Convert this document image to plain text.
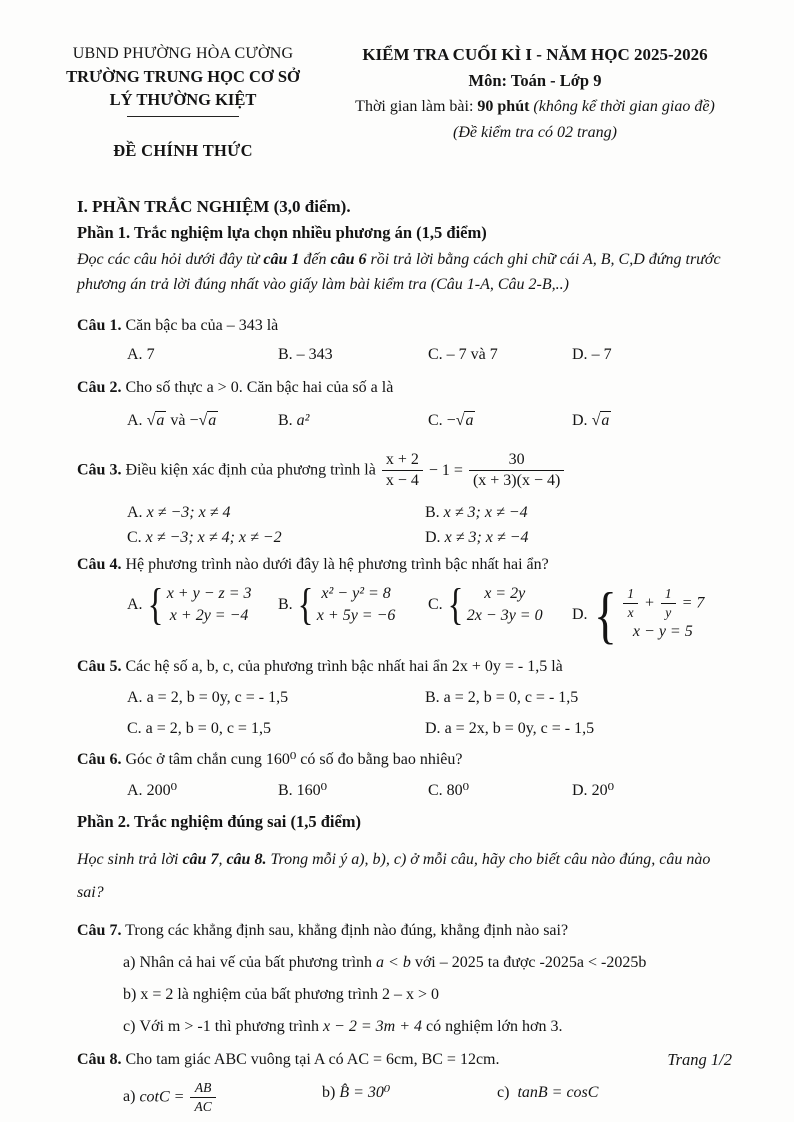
UBND PHƯỜNG HÒA CƯỜNG
TRƯỜNG TRUNG HỌC CƠ SỞ
LÝ THƯỜNG KIỆT
ĐỀ CHÍNH THỨC
KIỂM TRA CUỐI KÌ I - NĂM HỌC 2025-2026
Môn: Toán - Lớp 9
Thời gian làm bài: 90 phút (không kể thời gian giao đề)
(Đề kiểm tra có 02 trang)

I. PHẦN TRẮC NGHIỆM (3,0 điểm).

Phần 1. Trắc nghiệm lựa chọn nhiều phương án (1,5 điểm)

Đọc các câu hỏi dưới đây từ câu 1 đến câu 6 rồi trả lời bằng cách ghi chữ cái A, B, C,D đứng trước phương án trả lời đúng nhất vào giấy làm bài kiểm tra (Câu 1-A, Câu 2-B,..)

Câu 1. Căn bậc ba của – 343 là

A. 7	B. – 343	C. – 7 và 7	D. – 7

Câu 2. Cho số thực a > 0. Căn bậc hai của số a là

A. √a và −√a	B. a²	C. −√a	D. √a

Câu 3. Điều kiện xác định của phương trình là $\frac{x + 2}{x - 4} - 1 = \frac{30}{(x + 3)(x - 4)}$

A. x ≠ −3; x ≠ 4	B. x ≠ 3; x ≠ −4
C. x ≠ −3; x ≠ 4; x ≠ −2	D. x ≠ 3; x ≠ −4

Câu 4. Hệ phương trình nào dưới đây là hệ phương trình bậc nhất hai ẩn?

A. { x + y − z = 3
x + 2y = −4
B. { x² − y² = 8
x + 5y = −6
C. {	x = 2y
2x − 3y = 0 D. { $\frac{1}{x} + \frac{1}{y} = 7$
x − y = 5

Câu 5. Các hệ số a, b, c, của phương trình bậc nhất hai ẩn 2x + 0y = - 1,5 là

A. a = 2, b = 0y, c = - 1,5	B. a = 2, b = 0, c = - 1,5
C. a = 2, b = 0, c = 1,5	D. a = 2x, b = 0y, c = - 1,5

Câu 6. Góc ở tâm chắn cung 160⁰ có số đo bằng bao nhiêu?

A. 200⁰	B. 160⁰	C. 80⁰	D. 20⁰

Phần 2. Trắc nghiệm đúng sai (1,5 điểm)

Học sinh trả lời câu 7, câu 8. Trong mỗi ý a), b), c) ở mỗi câu, hãy cho biết câu nào đúng, câu nào sai?

Câu 7. Trong các khẳng định sau, khẳng định nào đúng, khẳng định nào sai?

a) Nhân cả hai vế của bất phương trình a < b với – 2025 ta được -2025a < -2025b

b) x = 2 là nghiệm của bất phương trình 2 – x > 0

c) Với m > -1 thì phương trình x − 2 = 3m + 4 có nghiệm lớn hơn 3.

Câu 8. Cho tam giác ABC vuông tại A có AC = 6cm, BC = 12cm.

a) $\cot C = \frac{AB}{AC}$	b) B̂ = 30⁰	c) tanB = cosC
Trang 1/2
